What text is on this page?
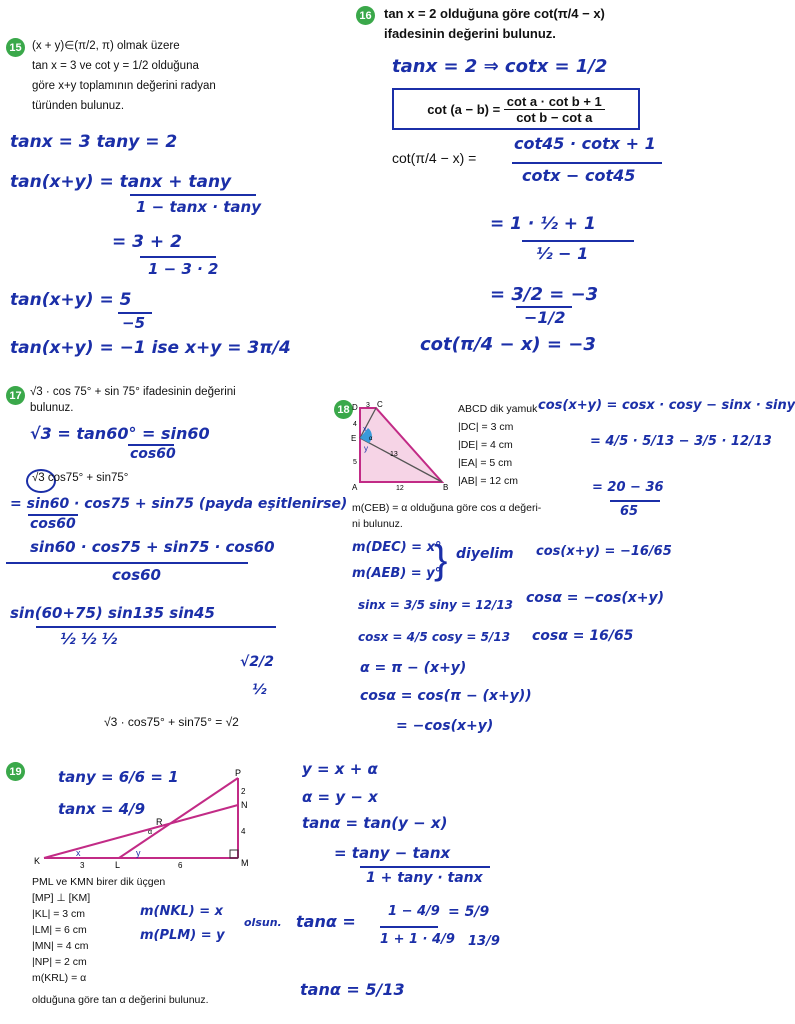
15 (x + y)∈(π/2, π) olmak üzere
tan x = 3 ve cot y = 1/2 olduğuna
göre x+y toplamının değerini radyan
türünden bulunuz.
tanx = 3 tany = 2
tan(x+y) = tanx + tany
1 − tanx · tany
= 3 + 2
1 − 3 · 2
tan(x+y) = 5
−5
tan(x+y) = −1 ise x+y = 3π/4
16 tan x = 2 olduğuna göre cot(π/4 − x)
ifadesinin değerini bulunuz.
tanx = 2 ⇒ cotx = 1/2
cot (a − b) =
$\frac{\text{cot a · cot b + 1}}{\text{cot b − cot a}}$
cot(π/4 − x) =
cot45 · cotx + 1
cotx − cot45
= 1 · ½ + 1
½ − 1
= 3/2 = −3
−1/2
cot(π/4 − x) = −3
17 √3 · cos 75° + sin 75° ifadesinin değerini
bulunuz.
√3 = tan60° = sin60
cos60
√3 cos75° + sin75°
= sin60 · cos75 + sin75 (payda eşitlenirse)
cos60
sin60 · cos75 + sin75 · cos60
cos60
sin(60+75) sin135 sin45
½ ½ ½
√2/2
½
√3 · cos75° + sin75° = √2
18 D C
E
A	B
3
4
5
12
13
x
y
α
ABCD dik yamuk
|DC| = 3 cm
|DE| = 4 cm
|EA| = 5 cm
|AB| = 12 cm
m(CEB) = α olduğuna göre cos α değeri-
ni bulunuz.
cos(x+y) = cosx · cosy − sinx · siny
= 4/5 · 5/13 − 3/5 · 12/13
= 20 − 36
65
m(DEC) = x°
m(AEB) = y°
} diyelim cos(x+y) = −16/65
sinx = 3/5 siny = 12/13
cosx = 4/5 cosy = 5/13
cosα = −cos(x+y)
cosα = 16/65
α = π − (x+y)
cosα = cos(π − (x+y))
= −cos(x+y)
19 tany = 6/6 = 1
tanx = 4/9
K	L	M
N
P
R
3	6
4
2
x	y
α
PML ve KMN birer dik üçgen
[MP] ⊥ [KM]
|KL| = 3 cm
|LM| = 6 cm
|MN| = 4 cm
|NP| = 2 cm
m(KRL) = α
olduğuna göre tan α değerini bulunuz.
y = x + α
α = y − x
tanα = tan(y − x)
= tany − tanx
1 + tany · tanx
m(NKL) = x
m(PLM) = y
olsun. tanα =
1 − 4/9
1 + 1 · 4/9
= 5/9
13/9
tanα = 5/13
